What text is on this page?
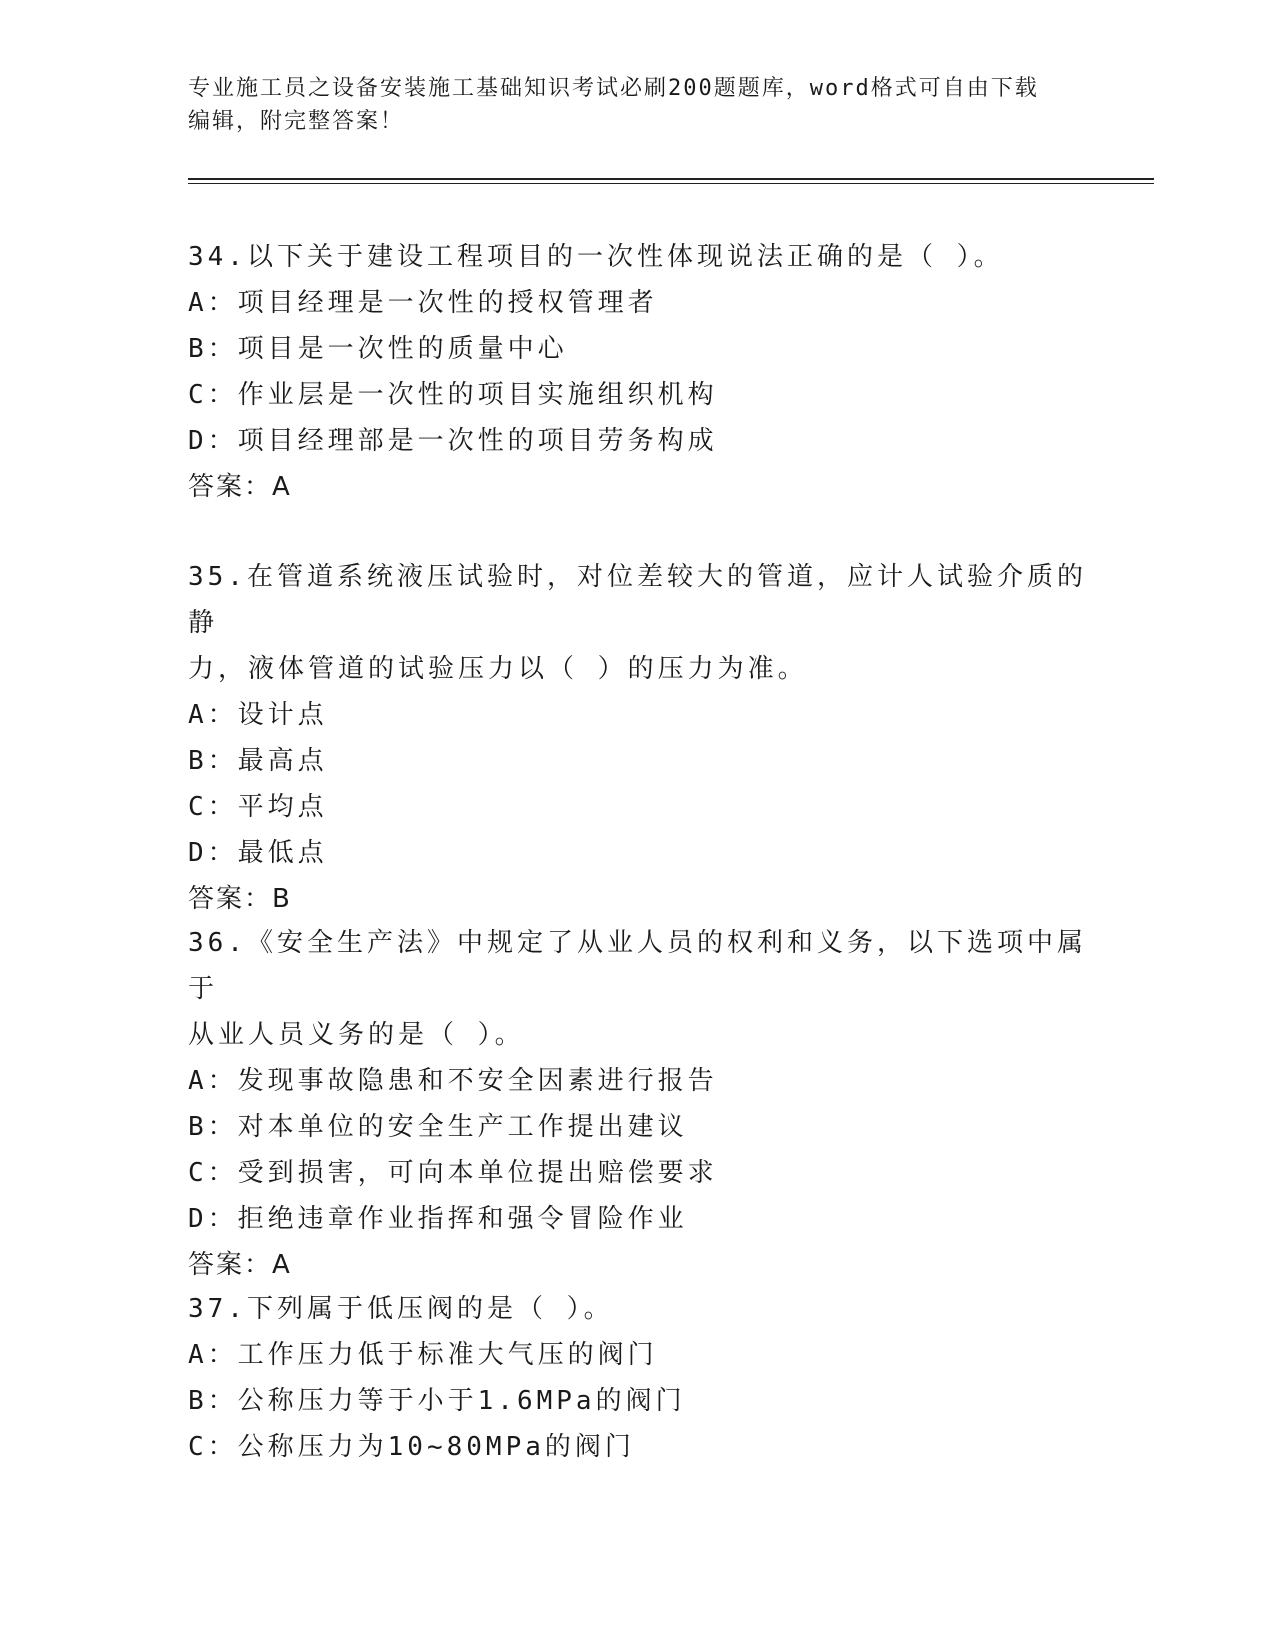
专业施工员之设备安装施工基础知识考试必刷200题题库，word格式可自由下载
编辑，附完整答案！
34.以下关于建设工程项目的一次性体现说法正确的是（ ）。
A：项目经理是一次性的授权管理者
B：项目是一次性的质量中心
C：作业层是一次性的项目实施组织机构
D：项目经理部是一次性的项目劳务构成
答案：A
35.在管道系统液压试验时，对位差较大的管道，应计人试验介质的静
力，液体管道的试验压力以（ ）的压力为准。
A：设计点
B：最高点
C：平均点
D：最低点
答案：B
36.《安全生产法》中规定了从业人员的权利和义务，以下选项中属于
从业人员义务的是（ ）。
A：发现事故隐患和不安全因素进行报告
B：对本单位的安全生产工作提出建议
C：受到损害，可向本单位提出赔偿要求
D：拒绝违章作业指挥和强令冒险作业
答案：A
37.下列属于低压阀的是（ ）。
A：工作压力低于标准大气压的阀门
B：公称压力等于小于1.6MPa的阀门
C：公称压力为10~80MPa的阀门
